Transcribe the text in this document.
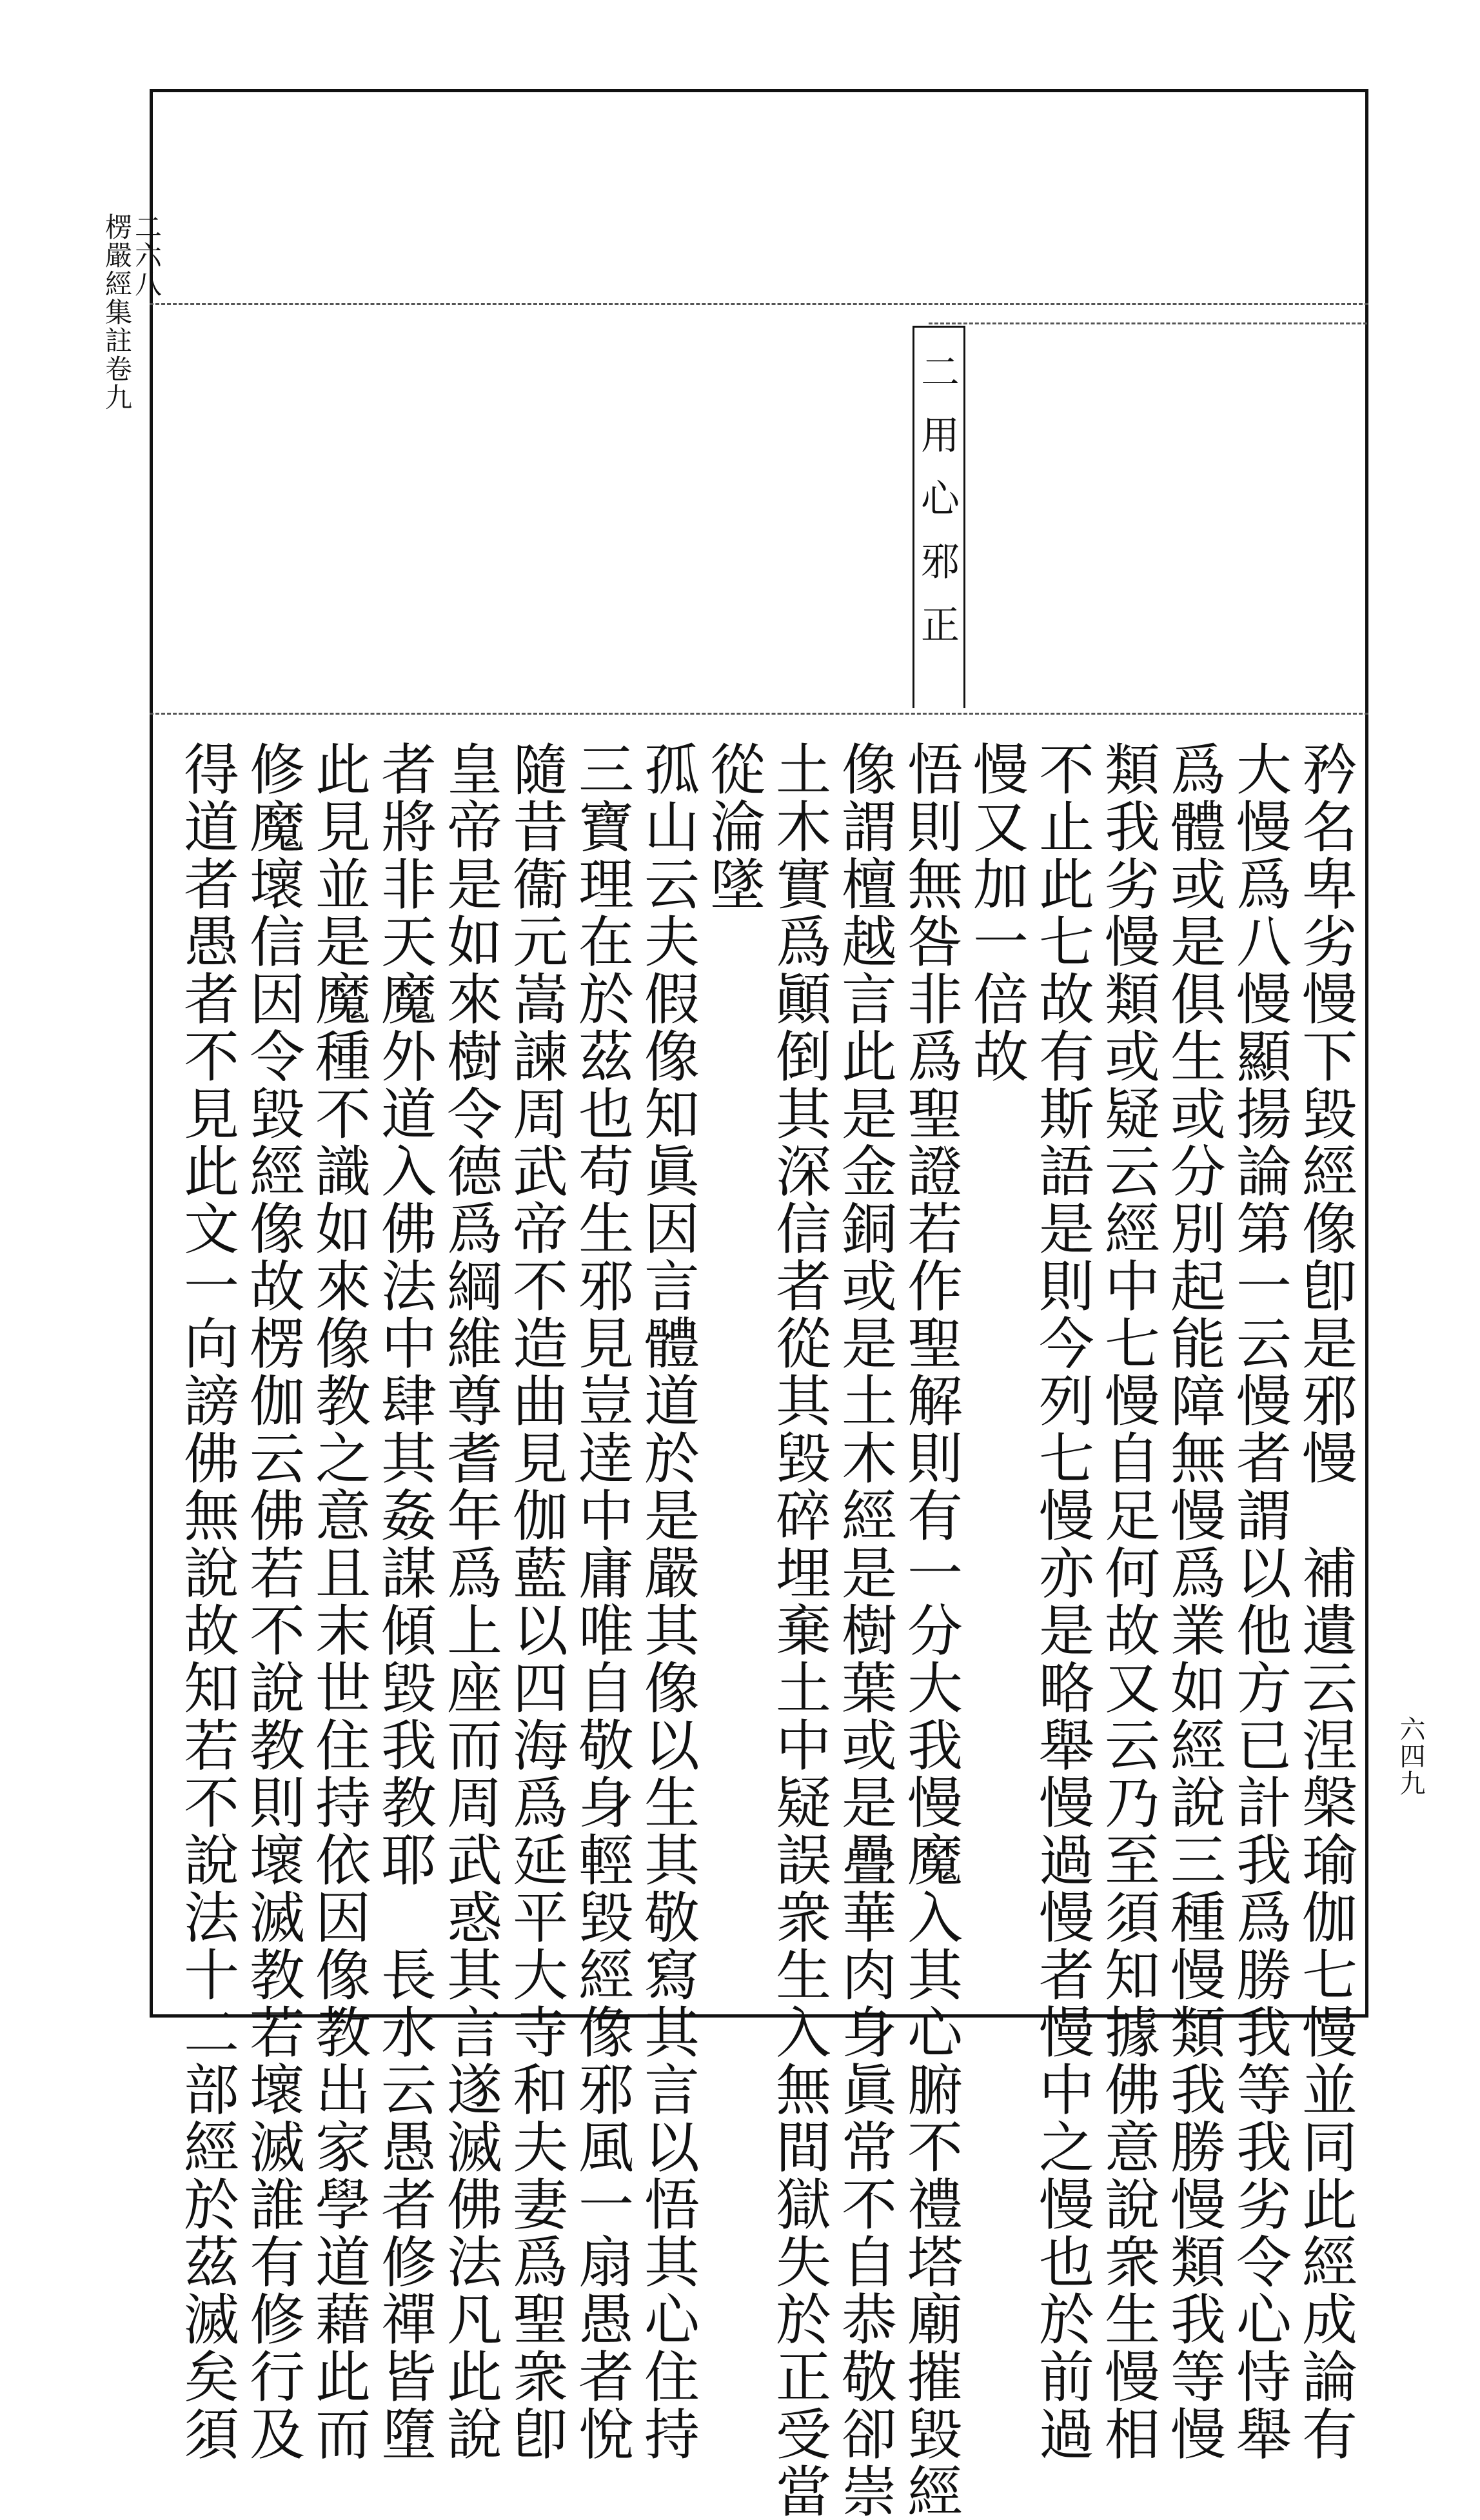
二六八
楞嚴經集註卷九
六四九
二用心邪正
矜名卑劣慢下毀經像卽是邪慢　補遺云涅槃瑜伽七慢並同此經成論有
大慢爲八慢顯揚論第一云慢者謂以他方已計我爲勝我等我劣令心恃舉
爲體或是俱生或分別起能障無慢爲業如經說三種慢類我勝慢類我等慢
類我劣慢類或疑云經中七慢自足何故又云乃至須知據佛意說衆生慢相
不止此七故有斯語是則今列七慢亦是略舉慢過慢者慢中之慢也於前過
慢又加一倍故
悟則無咎非爲聖證若作聖解則有一分大我慢魔入其心腑不禮塔廟摧毀經
像謂檀越言此是金銅或是土木經是樹葉或是疊華肉身眞常不自恭敬卻崇
土木實爲顚倒其深信者從其毀碎埋棄土中疑誤衆生入無間獄失於正受當
從淪墜
孤山云夫假像知眞因言體道於是嚴其像以生其敬寫其言以悟其心住持
三寶理在於茲也苟生邪見豈逹中庸唯自敬身輕毀經像邪風一扇愚者悅
隨昔衞元嵩諫周武帝不造曲見伽藍以四海爲延平大寺和夫妻爲聖衆卽
皇帝是如來樹令德爲綱維尊耆年爲上座而周武惑其言遂滅佛法凡此說
者將非天魔外道入佛法中肆其姦謀傾毀我教耶　長水云愚者修禪皆墮
此見並是魔種不識如來像教之意且末世住持依因像教出家學道藉此而
修魔壞信因令毀經像故楞伽云佛若不說教則壞滅教若壞滅誰有修行及
得道者愚者不見此文一向謗佛無說故知若不說法十二部經於茲滅矣須
